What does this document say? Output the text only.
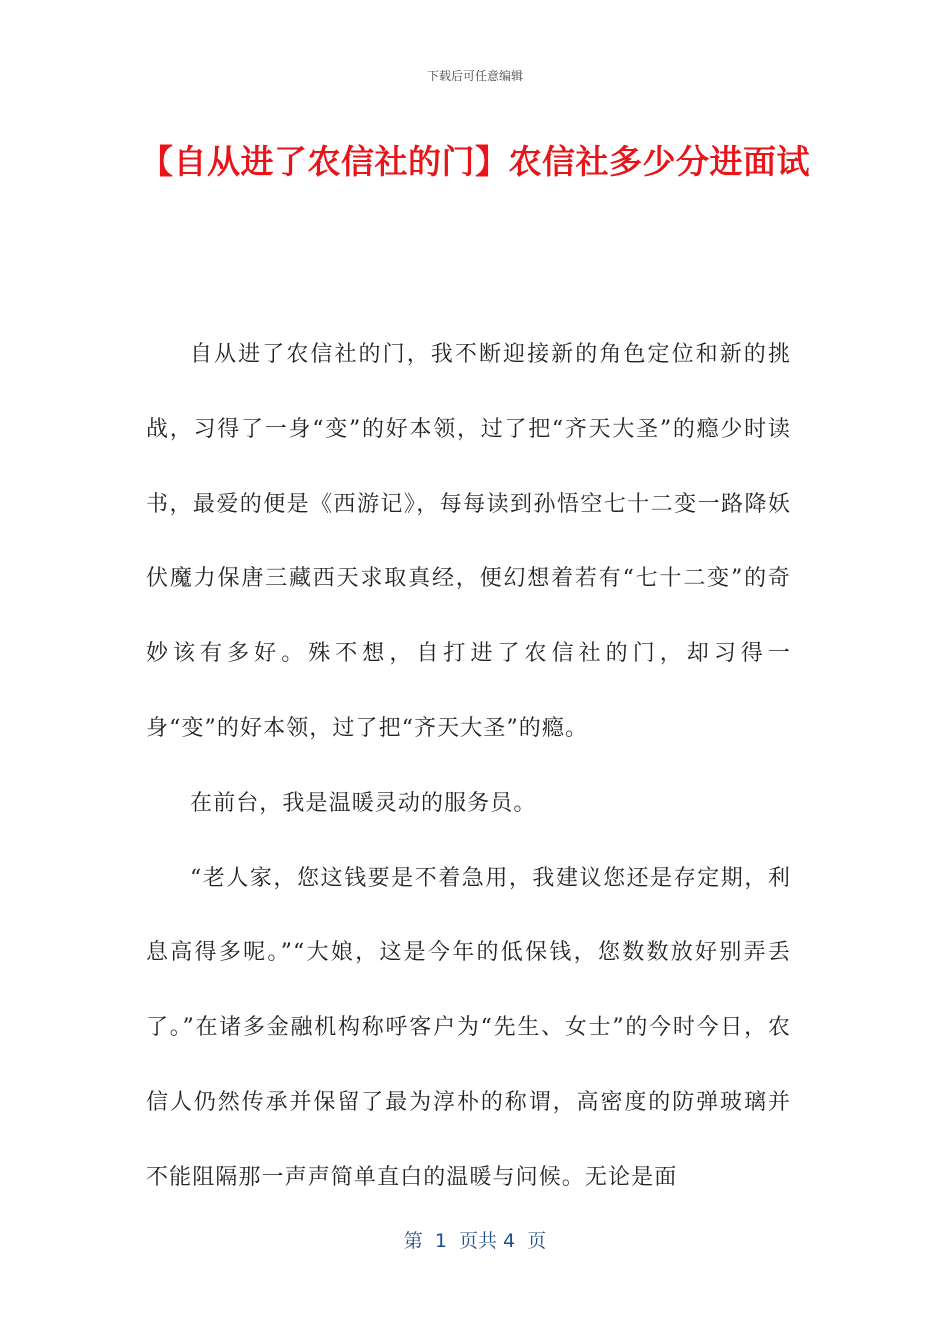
下载后可任意编辑
【自从进了农信社的门】农信社多少分进面试

自从进了农信社的门，我不断迎接新的角色定位和新的挑战，习得了一身“变”的好本领，过了把“齐天大圣”的瘾少时读书，最爱的便是《西游记》，每每读到孙悟空七十二变一路降妖伏魔力保唐三藏西天求取真经，便幻想着若有“七十二变”的奇妙该有多好。殊不想，自打进了农信社的门，却习得一身“变”的好本领，过了把“齐天大圣”的瘾。

在前台，我是温暖灵动的服务员。

“老人家，您这钱要是不着急用，我建议您还是存定期，利息高得多呢。”“大娘，这是今年的低保钱，您数数放好别弄丢了。”在诸多金融机构称呼客户为“先生、女士”的今时今日，农信人仍然传承并保留了最为淳朴的称谓，高密度的防弹玻璃并不能阻隔那一声声简单直白的温暖与问候。无论是面

第  1  页共 4  页
